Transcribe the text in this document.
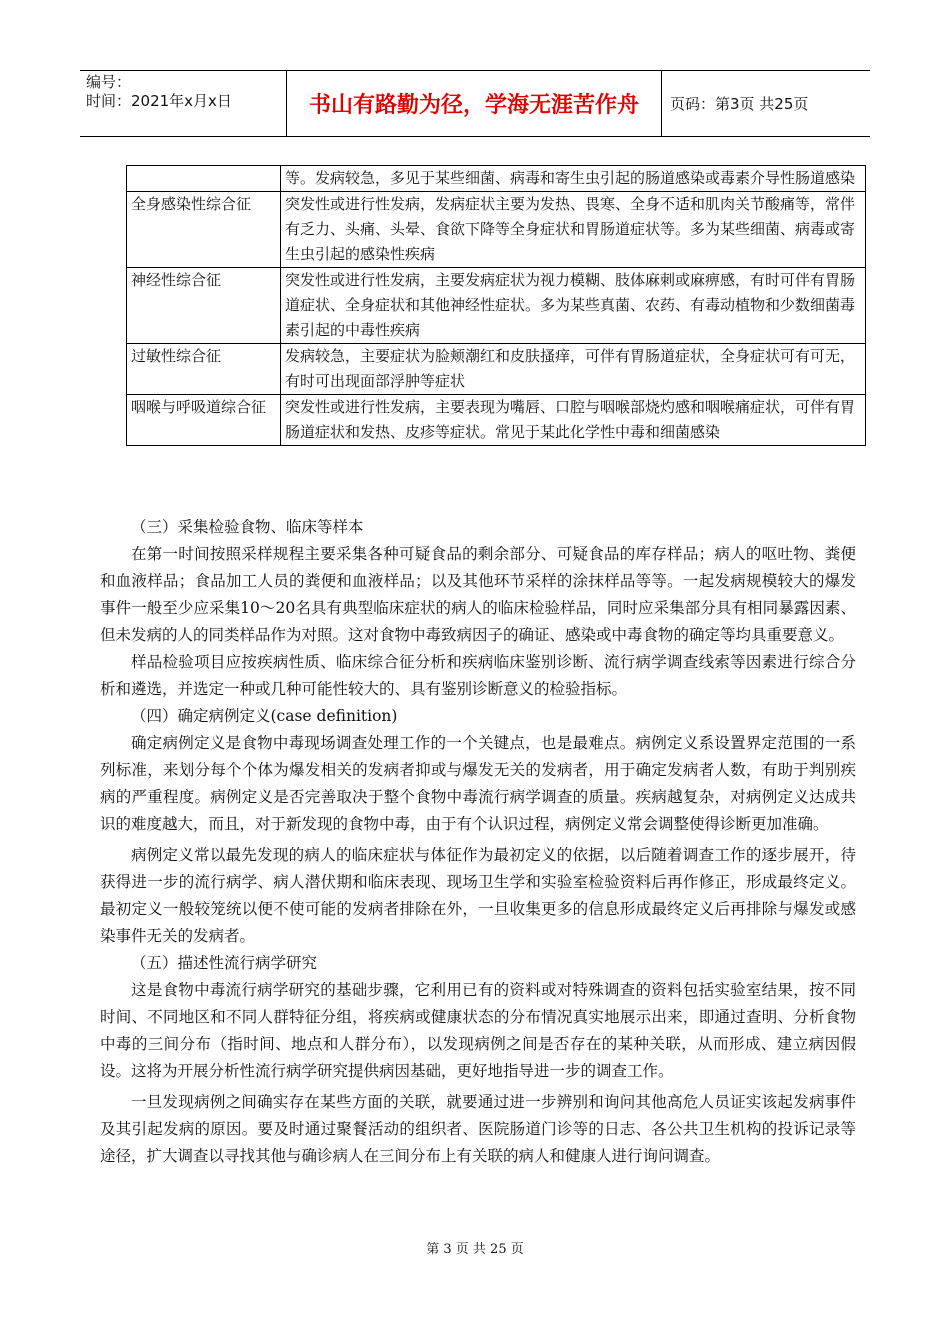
编号：
时间：2021年x月x日	书山有路勤为径，学海无涯苦作舟	页码：第3页 共25页
	等。发病较急，多见于某些细菌、病毒和寄生虫引起的肠道感染或毒素介导性肠道感染
全身感染性综合征	突发性或进行性发病，发病症状主要为发热、畏寒、全身不适和肌肉关节酸痛等，常伴有乏力、头痛、头晕、食欲下降等全身症状和胃肠道症状等。多为某些细菌、病毒或寄生虫引起的感染性疾病
神经性综合征	突发性或进行性发病，主要发病症状为视力模糊、肢体麻刺或麻痹感，有时可伴有胃肠道症状、全身症状和其他神经性症状。多为某些真菌、农药、有毒动植物和少数细菌毒素引起的中毒性疾病
过敏性综合征	发病较急，主要症状为脸颊潮红和皮肤搔痒，可伴有胃肠道症状，全身症状可有可无，有时可出现面部浮肿等症状
咽喉与呼吸道综合征	突发性或进行性发病，主要表现为嘴唇、口腔与咽喉部烧灼感和咽喉痛症状，可伴有胃肠道症状和发热、皮疹等症状。常见于某此化学性中毒和细菌感染

（三）采集检验食物、临床等样本

在第一时间按照采样规程主要采集各种可疑食品的剩余部分、可疑食品的库存样品；病人的呕吐物、粪便和血液样品；食品加工人员的粪便和血液样品；以及其他环节采样的涂抹样品等等。一起发病规模较大的爆发事件一般至少应采集10～20名具有典型临床症状的病人的临床检验样品，同时应采集部分具有相同暴露因素、但未发病的人的同类样品作为对照。这对食物中毒致病因子的确证、感染或中毒食物的确定等均具重要意义。

样品检验项目应按疾病性质、临床综合征分析和疾病临床鉴别诊断、流行病学调查线索等因素进行综合分析和遴选，并选定一种或几种可能性较大的、具有鉴别诊断意义的检验指标。

（四）确定病例定义(case definition)

确定病例定义是食物中毒现场调查处理工作的一个关键点，也是最难点。病例定义系设置界定范围的一系列标准，来划分每个个体为爆发相关的发病者抑或与爆发无关的发病者，用于确定发病者人数，有助于判别疾病的严重程度。病例定义是否完善取决于整个食物中毒流行病学调查的质量。疾病越复杂，对病例定义达成共识的难度越大，而且，对于新发现的食物中毒，由于有个认识过程，病例定义常会调整使得诊断更加准确。

病例定义常以最先发现的病人的临床症状与体征作为最初定义的依据，以后随着调查工作的逐步展开，待获得进一步的流行病学、病人潜伏期和临床表现、现场卫生学和实验室检验资料后再作修正，形成最终定义。最初定义一般较笼统以便不使可能的发病者排除在外，一旦收集更多的信息形成最终定义后再排除与爆发或感染事件无关的发病者。

（五）描述性流行病学研究

这是食物中毒流行病学研究的基础步骤，它利用已有的资料或对特殊调查的资料包括实验室结果，按不同时间、不同地区和不同人群特征分组，将疾病或健康状态的分布情况真实地展示出来，即通过查明、分析食物中毒的三间分布（指时间、地点和人群分布），以发现病例之间是否存在的某种关联，从而形成、建立病因假设。这将为开展分析性流行病学研究提供病因基础，更好地指导进一步的调查工作。

一旦发现病例之间确实存在某些方面的关联，就要通过进一步辨别和询问其他高危人员证实该起发病事件及其引起发病的原因。要及时通过聚餐活动的组织者、医院肠道门诊等的日志、各公共卫生机构的投诉记录等途径，扩大调查以寻找其他与确诊病人在三间分布上有关联的病人和健康人进行询问调查。

第 3 页 共 25 页
